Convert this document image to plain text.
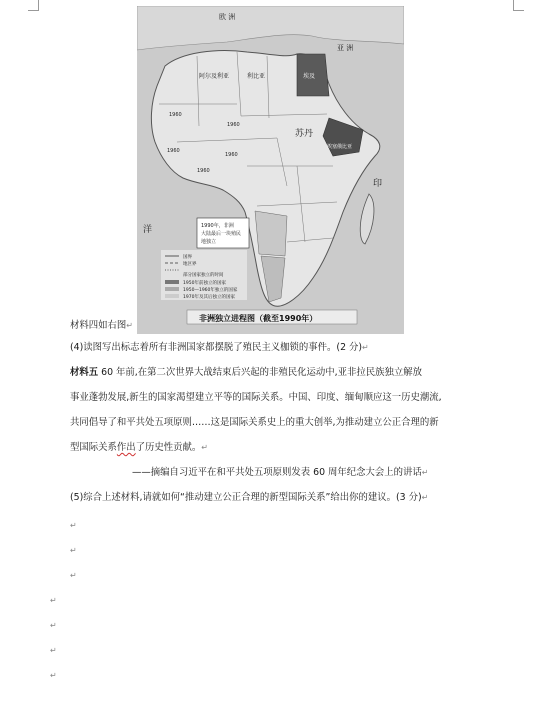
欧 洲
亚 洲
阿尔及利亚	利比亚	埃及
苏丹
埃塞俄比亚
洋
印
1960
1960
1960
1960
1960
1990年，非洲
大陆最后一块殖民
地独立
国界
地区界
部分国家独立的时间
1950年前独立的国家
1950—1960年独立的国家
1970年及其后独立的国家
非洲独立进程图（截至1990年）
材料四如右图↵
(4)读图写出标志着所有非洲国家都摆脱了殖民主义枷锁的事件。(2 分)↵
材料五 60 年前,在第二次世界大战结束后兴起的非殖民化运动中,亚非拉民族独立解放
事业蓬勃发展,新生的国家渴望建立平等的国际关系。中国、印度、缅甸顺应这一历史潮流,
共同倡导了和平共处五项原则……这是国际关系史上的重大创举,为推动建立公正合理的新
型国际关系作出了历史性贡献。↵
——摘编自习近平在和平共处五项原则发表 60 周年纪念大会上的讲话↵
(5)综合上述材料,请就如何“推动建立公正合理的新型国际关系”给出你的建议。(3 分)↵
↵
↵
↵
↵
↵
↵
↵
